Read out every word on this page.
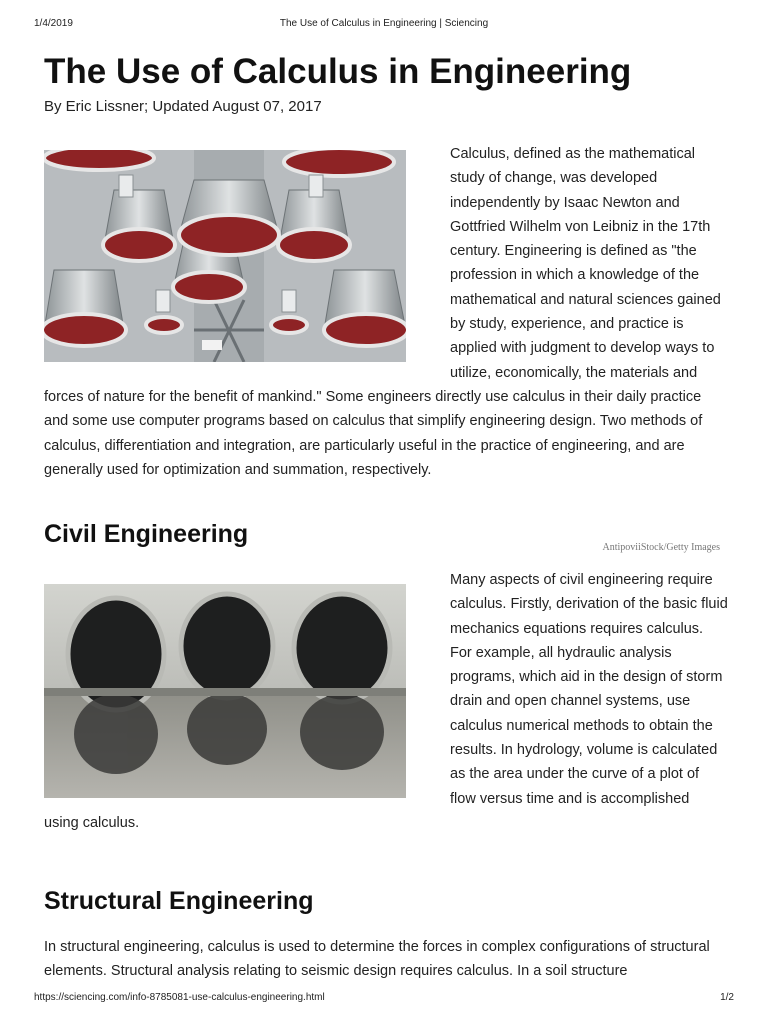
1/4/2019	The Use of Calculus in Engineering | Sciencing
The Use of Calculus in Engineering
By Eric Lissner; Updated August 07, 2017

Calculus, defined as the mathematical study of change, was developed independently by Isaac Newton and Gottfried Wilhelm von Leibniz in the 17th century. Engineering is defined as "the profession in which a knowledge of the mathematical and natural sciences gained by study, experience, and practice is applied with judgment to develop ways to utilize, economically, the materials and forces of nature for the benefit of mankind." Some engineers directly use calculus in their daily practice and some use computer programs based on calculus that simplify engineering design. Two methods of calculus, differentiation and integration, are particularly useful in the practice of engineering, and are generally used for optimization and summation, respectively.

Civil Engineering	AntipoviiStock/Getty Images

Many aspects of civil engineering require calculus. Firstly, derivation of the basic fluid mechanics equations requires calculus. For example, all hydraulic analysis programs, which aid in the design of storm drain and open channel systems, use calculus numerical methods to obtain the results. In hydrology, volume is calculated as the area under the curve of a plot of flow versus time and is accomplished using calculus.

Structural Engineering

In structural engineering, calculus is used to determine the forces in complex configurations of structural elements. Structural analysis relating to seismic design requires calculus. In a soil structure

https://sciencing.com/info-8785081-use-calculus-engineering.html	1/2
